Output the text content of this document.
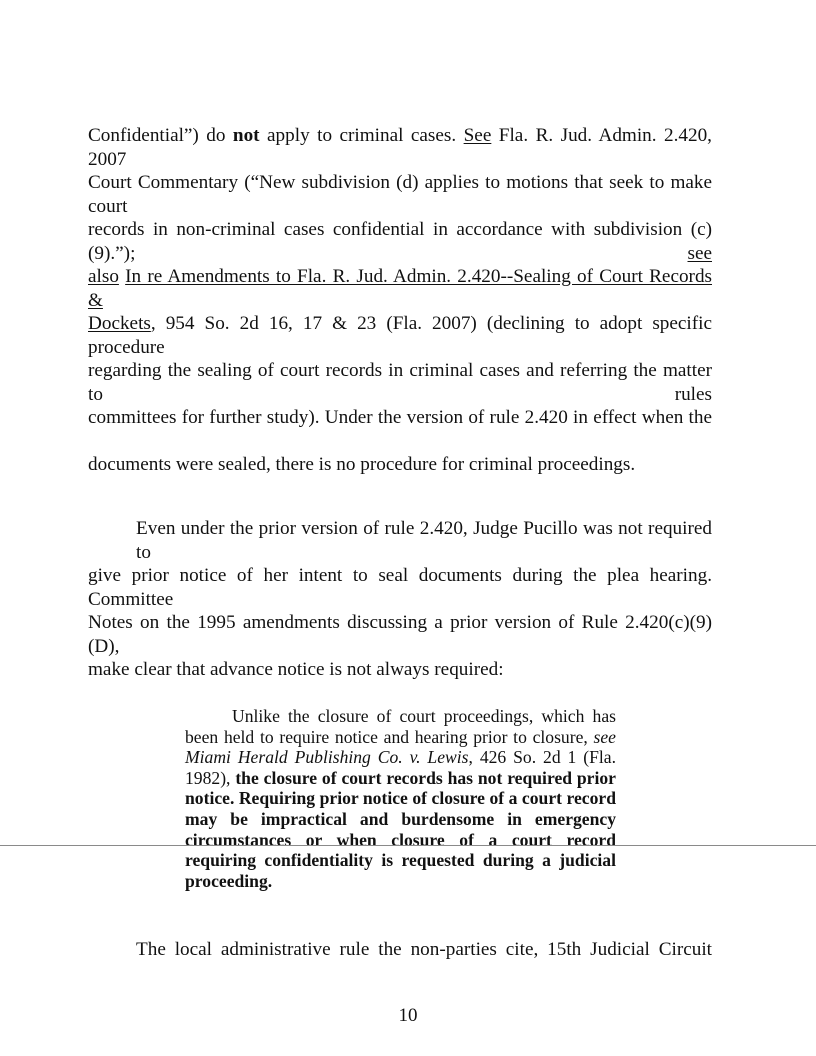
Confidential”) do not apply to criminal cases. See Fla. R. Jud. Admin. 2.420, 2007
Court Commentary (“New subdivision (d) applies to motions that seek to make court
records in non-criminal cases confidential in accordance with subdivision (c)(9).”); see
also In re Amendments to Fla. R. Jud. Admin. 2.420--Sealing of Court Records &
Dockets, 954 So. 2d 16, 17 & 23 (Fla. 2007) (declining to adopt specific procedure
regarding the sealing of court records in criminal cases and referring the matter to rules
committees for further study). Under the version of rule 2.420 in effect when the
documents were sealed, there is no procedure for criminal proceedings.
Even under the prior version of rule 2.420, Judge Pucillo was not required to
give prior notice of her intent to seal documents during the plea hearing. Committee
Notes on the 1995 amendments discussing a prior version of Rule 2.420(c)(9)(D),
make clear that advance notice is not always required:

Unlike the closure of court proceedings, which has been held to require notice and hearing prior to closure, see Miami Herald Publishing Co. v. Lewis, 426 So. 2d 1 (Fla. 1982), the closure of court records has not required prior notice. Requiring prior notice of closure of a court record may be impractical and burdensome in emergency circumstances or when closure of a court record requiring confidentiality is requested during a judicial proceeding.

The local administrative rule the non-parties cite, 15th Judicial Circuit
10
